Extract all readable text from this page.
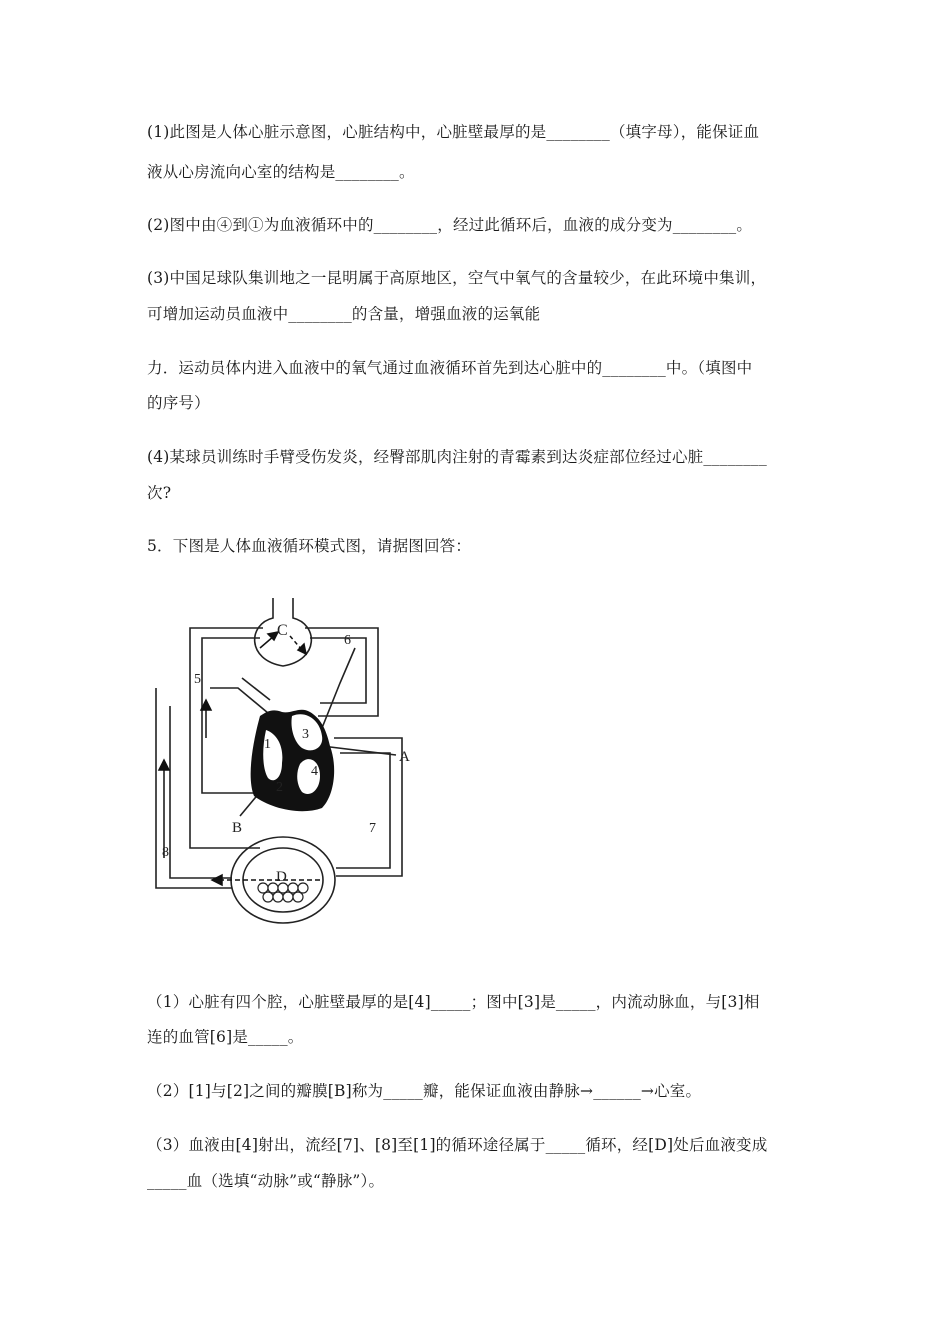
(1)此图是人体心脏示意图，心脏结构中，心脏壁最厚的是________（填字母），能保证血
液从心房流向心室的结构是________。
(2)图中由④到①为血液循环中的________，经过此循环后，血液的成分变为________。
(3)中国足球队集训地之一昆明属于高原地区，空气中氧气的含量较少，在此环境中集训，
可增加运动员血液中________的含量，增强血液的运氧能
力．运动员体内进入血液中的氧气通过血液循环首先到达心脏中的________中。（填图中
的序号）
(4)某球员训练时手臂受伤发炎，经臀部肌肉注射的青霉素到达炎症部位经过心脏________
次?
5．下图是人体血液循环模式图，请据图回答：
C
D
A
B
1
2
3
4
5
6
7
8
（1）心脏有四个腔，心脏壁最厚的是[4]_____；图中[3]是_____，内流动脉血，与[3]相
连的血管[6]是_____。
（2）[1]与[2]之间的瓣膜[B]称为_____瓣，能保证血液由静脉→______→心室。
（3）血液由[4]射出，流经[7]、[8]至[1]的循环途径属于_____循环，经[D]处后血液变成
_____血（选填“动脉”或“静脉”）。
